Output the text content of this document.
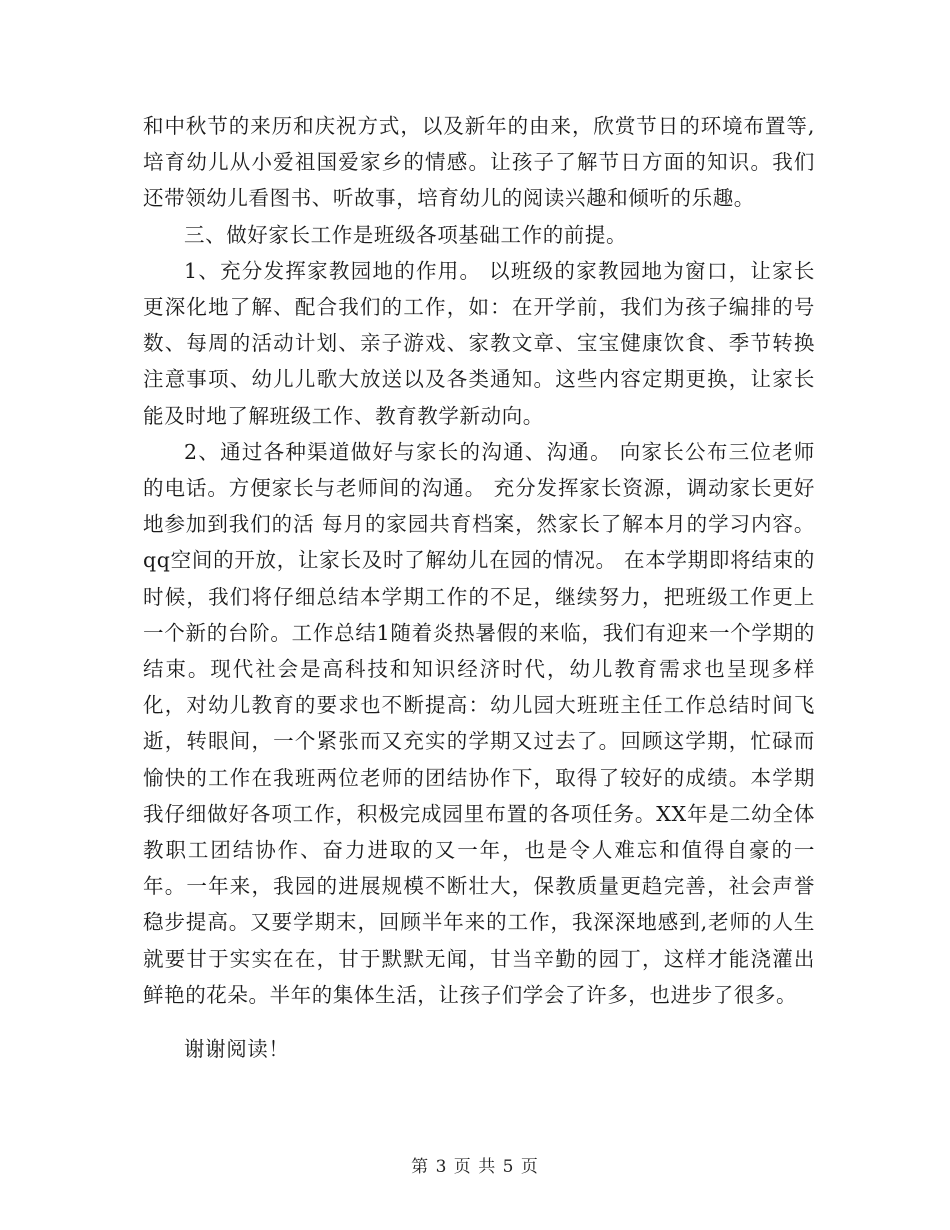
和中秋节的来历和庆祝方式，以及新年的由来，欣赏节日的环境布置等,培育幼儿从小爱祖国爱家乡的情感。让孩子了解节日方面的知识。我们还带领幼儿看图书、听故事，培育幼儿的阅读兴趣和倾听的乐趣。

三、做好家长工作是班级各项基础工作的前提。

1、充分发挥家教园地的作用。 以班级的家教园地为窗口，让家长更深化地了解、配合我们的工作，如：在开学前，我们为孩子编排的号数、每周的活动计划、亲子游戏、家教文章、宝宝健康饮食、季节转换注意事项、幼儿儿歌大放送以及各类通知。这些内容定期更换，让家长能及时地了解班级工作、教育教学新动向。

2、通过各种渠道做好与家长的沟通、沟通。 向家长公布三位老师的电话。方便家长与老师间的沟通。 充分发挥家长资源，调动家长更好地参加到我们的活 每月的家园共育档案，然家长了解本月的学习内容。 qq空间的开放，让家长及时了解幼儿在园的情况。 在本学期即将结束的时候，我们将仔细总结本学期工作的不足，继续努力，把班级工作更上一个新的台阶。工作总结1随着炎热暑假的来临，我们有迎来一个学期的结束。现代社会是高科技和知识经济时代，幼儿教育需求也呈现多样化，对幼儿教育的要求也不断提高：幼儿园大班班主任工作总结时间飞逝，转眼间，一个紧张而又充实的学期又过去了。回顾这学期，忙碌而愉快的工作在我班两位老师的团结协作下，取得了较好的成绩。本学期我仔细做好各项工作，积极完成园里布置的各项任务。XX年是二幼全体教职工团结协作、奋力进取的又一年，也是令人难忘和值得自豪的一年。一年来，我园的进展规模不断壮大，保教质量更趋完善，社会声誉稳步提高。又要学期末，回顾半年来的工作，我深深地感到,老师的人生就要甘于实实在在，甘于默默无闻，甘当辛勤的园丁，这样才能浇灌出鲜艳的花朵。半年的集体生活，让孩子们学会了许多，也进步了很多。

谢谢阅读！

第 3 页 共 5 页
